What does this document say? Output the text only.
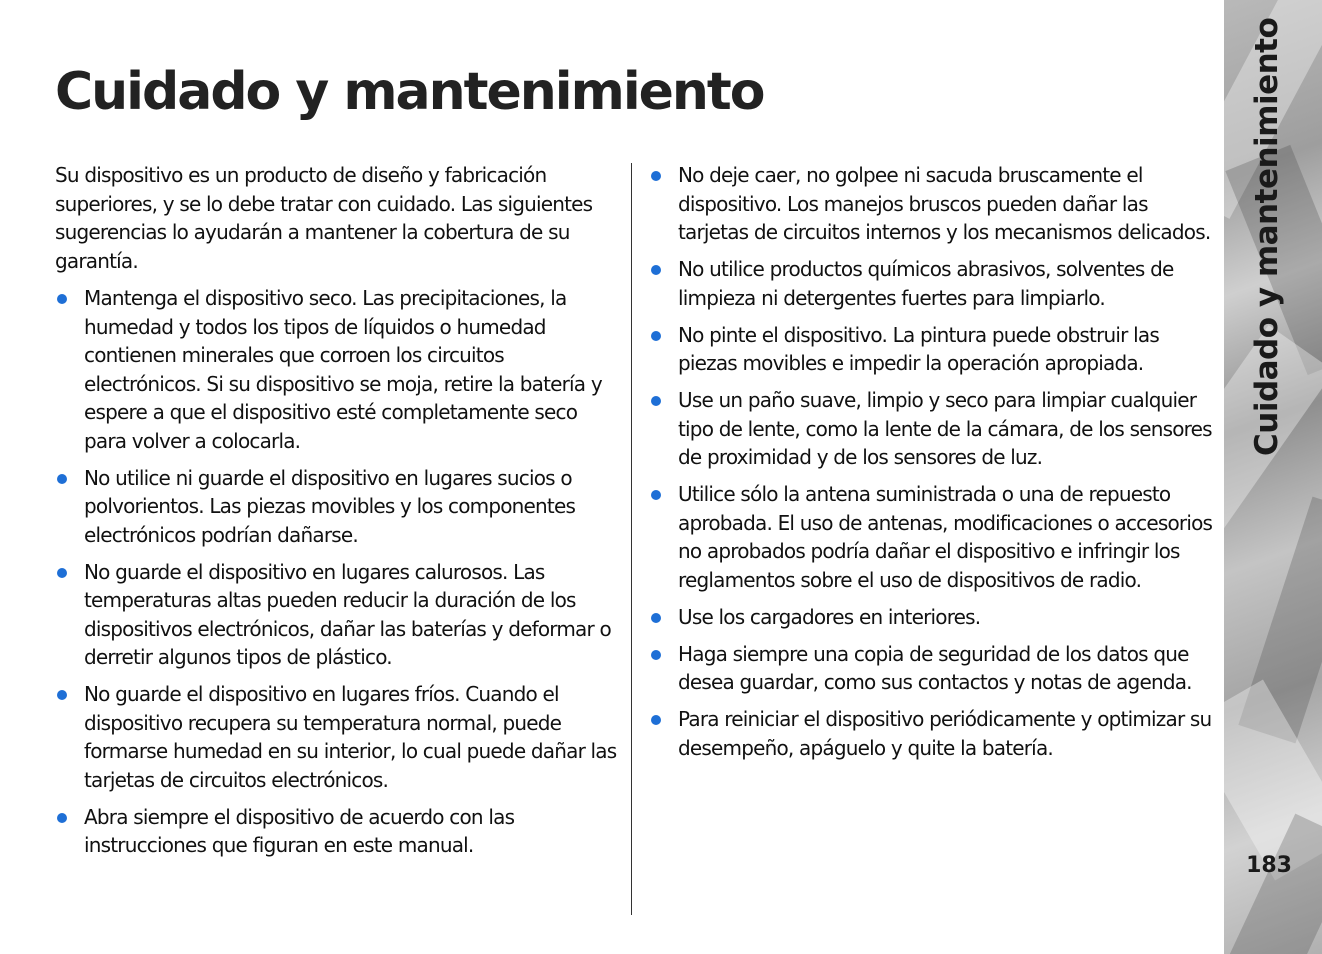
Cuidado y mantenimiento

Su dispositivo es un producto de diseño y fabricación superiores, y se lo debe tratar con cuidado. Las siguientes sugerencias lo ayudarán a mantener la cobertura de su garantía.

Mantenga el dispositivo seco. Las precipitaciones, la humedad y todos los tipos de líquidos o humedad contienen minerales que corroen los circuitos electrónicos. Si su dispositivo se moja, retire la batería y espere a que el dispositivo esté completamente seco para volver a colocarla.
No utilice ni guarde el dispositivo en lugares sucios o polvorientos. Las piezas movibles y los componentes electrónicos podrían dañarse.
No guarde el dispositivo en lugares calurosos. Las temperaturas altas pueden reducir la duración de los dispositivos electrónicos, dañar las baterías y deformar o derretir algunos tipos de plástico.
No guarde el dispositivo en lugares fríos. Cuando el dispositivo recupera su temperatura normal, puede formarse humedad en su interior, lo cual puede dañar las tarjetas de circuitos electrónicos.
Abra siempre el dispositivo de acuerdo con las instrucciones que figuran en este manual.
No deje caer, no golpee ni sacuda bruscamente el dispositivo. Los manejos bruscos pueden dañar las tarjetas de circuitos internos y los mecanismos delicados.
No utilice productos químicos abrasivos, solventes de limpieza ni detergentes fuertes para limpiarlo.
No pinte el dispositivo. La pintura puede obstruir las piezas movibles e impedir la operación apropiada.
Use un paño suave, limpio y seco para limpiar cualquier tipo de lente, como la lente de la cámara, de los sensores de proximidad y de los sensores de luz.
Utilice sólo la antena suministrada o una de repuesto aprobada. El uso de antenas, modificaciones o accesorios no aprobados podría dañar el dispositivo e infringir los reglamentos sobre el uso de dispositivos de radio.
Use los cargadores en interiores.
Haga siempre una copia de seguridad de los datos que desea guardar, como sus contactos y notas de agenda.
Para reiniciar el dispositivo periódicamente y optimizar su desempeño, apáguelo y quite la batería.
Cuidado y mantenimiento
183
